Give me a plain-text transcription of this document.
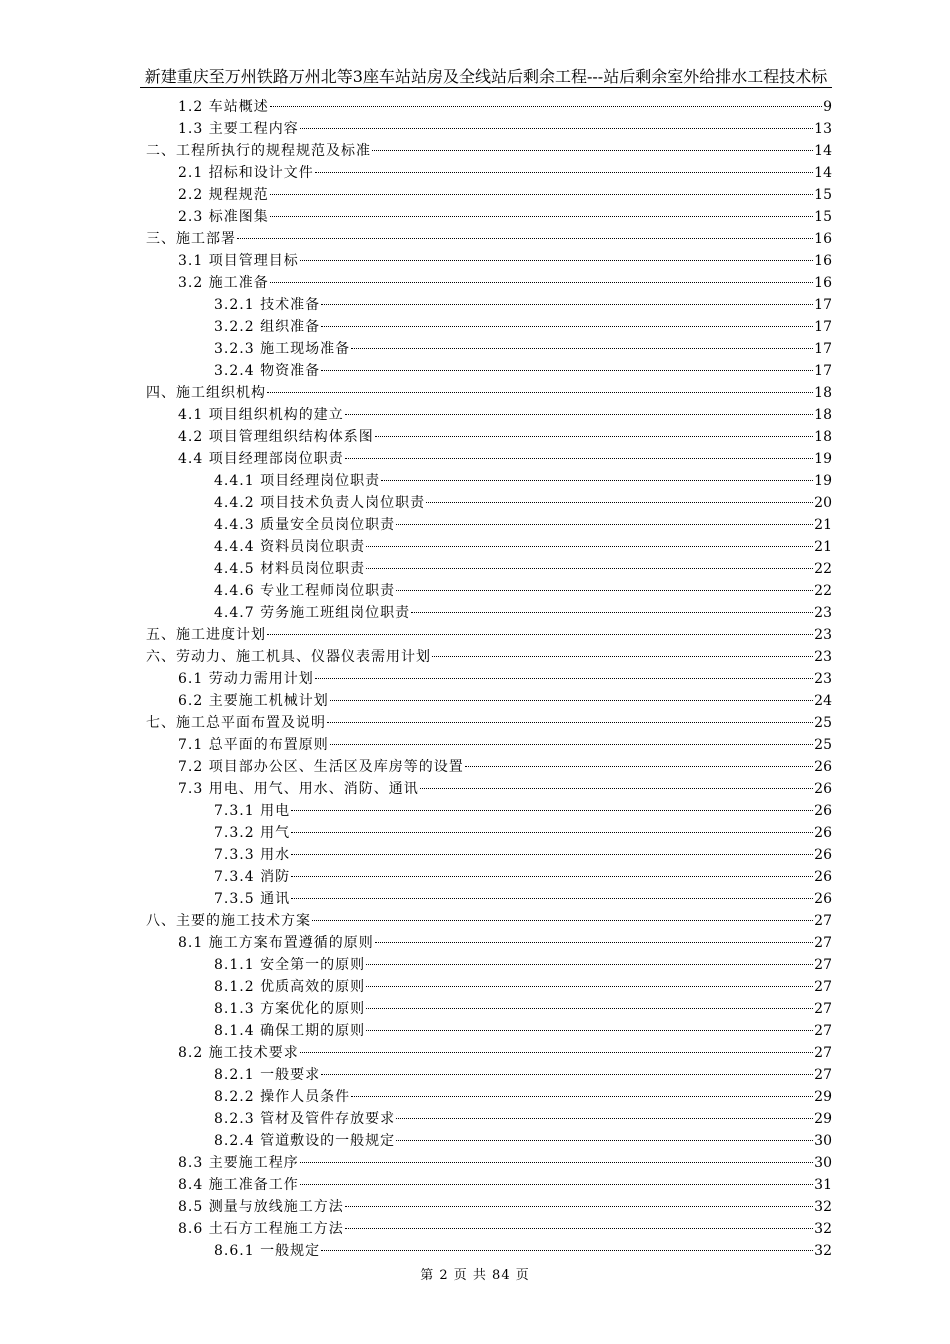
新建重庆至万州铁路万州北等3座车站站房及全线站后剩余工程---站后剩余室外给排水工程技术标
1.2 车站概述	9
1.3 主要工程内容	13
二、工程所执行的规程规范及标准	14
2.1 招标和设计文件	14
2.2 规程规范	15
2.3 标准图集	15
三、施工部署	16
3.1 项目管理目标	16
3.2 施工准备	16
3.2.1 技术准备	17
3.2.2 组织准备	17
3.2.3 施工现场准备	17
3.2.4 物资准备	17
四、施工组织机构	18
4.1 项目组织机构的建立	18
4.2 项目管理组织结构体系图	18
4.4 项目经理部岗位职责	19
4.4.1 项目经理岗位职责	19
4.4.2 项目技术负责人岗位职责	20
4.4.3 质量安全员岗位职责	21
4.4.4 资料员岗位职责	21
4.4.5 材料员岗位职责	22
4.4.6 专业工程师岗位职责	22
4.4.7 劳务施工班组岗位职责	23
五、施工进度计划	23
六、劳动力、施工机具、仪器仪表需用计划	23
6.1 劳动力需用计划	23
6.2 主要施工机械计划	24
七、施工总平面布置及说明	25
7.1 总平面的布置原则	25
7.2 项目部办公区、生活区及库房等的设置	26
7.3 用电、用气、用水、消防、通讯	26
7.3.1 用电	26
7.3.2 用气	26
7.3.3 用水	26
7.3.4 消防	26
7.3.5 通讯	26
八、主要的施工技术方案	27
8.1 施工方案布置遵循的原则	27
8.1.1 安全第一的原则	27
8.1.2 优质高效的原则	27
8.1.3 方案优化的原则	27
8.1.4 确保工期的原则	27
8.2 施工技术要求	27
8.2.1 一般要求	27
8.2.2 操作人员条件	29
8.2.3 管材及管件存放要求	29
8.2.4 管道敷设的一般规定	30
8.3 主要施工程序	30
8.4 施工准备工作	31
8.5 测量与放线施工方法	32
8.6 土石方工程施工方法	32
8.6.1 一般规定	32
第 2 页 共 84 页
